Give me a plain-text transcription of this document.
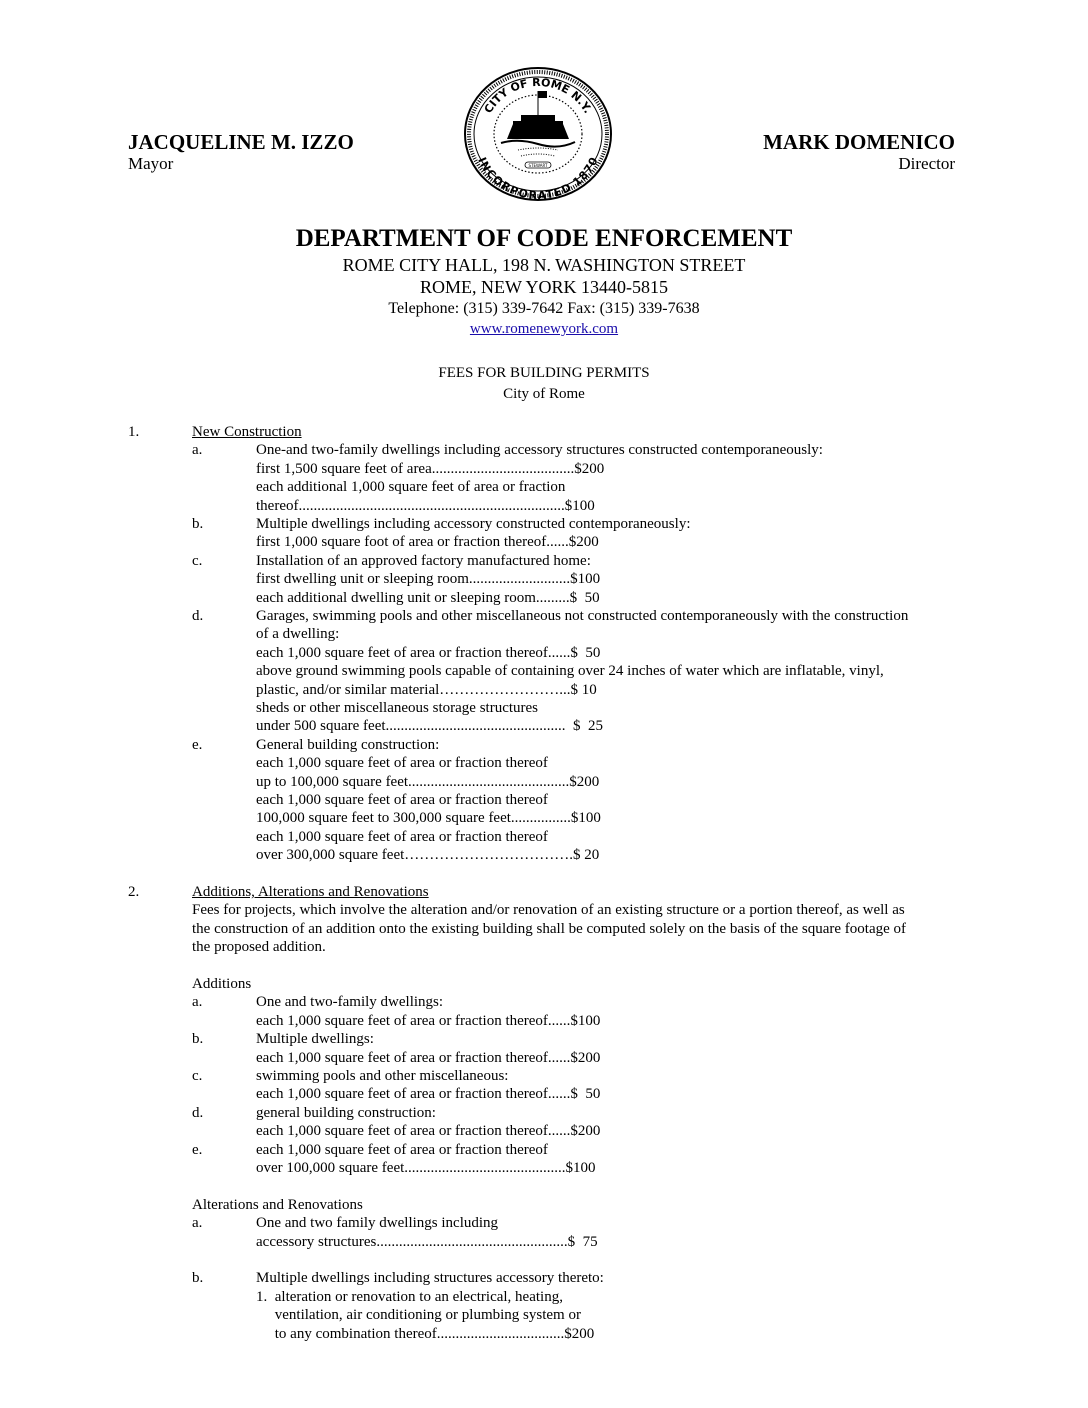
JACQUELINE M. IZZO
Mayor
MARK DOMENICO
Director
CITY OF ROME N.Y.
INCORPORATED 1870
STEWART
DEPARTMENT OF CODE ENFORCEMENT
ROME CITY HALL, 198 N. WASHINGTON STREET
ROME, NEW YORK 13440-5815
Telephone: (315) 339-7642 Fax: (315) 339-7638
www.romenewyork.com
FEES FOR BUILDING PERMITS
City of Rome
1.	New Construction
a.	One-and two-family dwellings including accessory structures constructed contemporaneously:
first 1,500 square feet of area......................................$200
each additional 1,000 square feet of area or fraction
thereof.......................................................................$100
b.	Multiple dwellings including accessory constructed contemporaneously:
first 1,000 square foot of area or fraction thereof......$200
c.	Installation of an approved factory manufactured home:
first dwelling unit or sleeping room...........................$100
each additional dwelling unit or sleeping room.........$  50
d.	Garages, swimming pools and other miscellaneous not constructed contemporaneously with the construction
of a dwelling:
each 1,000 square feet of area or fraction thereof......$  50
above ground swimming pools capable of containing over 24 inches of water which are inflatable, vinyl,
plastic, and/or similar material……………………...$ 10
sheds or other miscellaneous storage structures
under 500 square feet................................................  $  25
e.	General building construction:
each 1,000 square feet of area or fraction thereof
up to 100,000 square feet...........................................$200
each 1,000 square feet of area or fraction thereof
100,000 square feet to 300,000 square feet................$100
each 1,000 square feet of area or fraction thereof
over 300,000 square feet…………………………….$ 20
2.	Additions, Alterations and Renovations
Fees for projects, which involve the alteration and/or renovation of an existing structure or a portion thereof, as well as
the construction of an addition onto the existing building shall be computed solely on the basis of the square footage of
the proposed addition.
Additions
a.	One and two-family dwellings:
each 1,000 square feet of area or fraction thereof......$100
b.	Multiple dwellings:
each 1,000 square feet of area or fraction thereof......$200
c.	swimming pools and other miscellaneous:
each 1,000 square feet of area or fraction thereof......$  50
d.	general building construction:
each 1,000 square feet of area or fraction thereof......$200
e.	each 1,000 square feet of area or fraction thereof
over 100,000 square feet...........................................$100
Alterations and Renovations
a.	One and two family dwellings including
accessory structures...................................................$  75
b.	Multiple dwellings including structures accessory thereto:
1.  alteration or renovation to an electrical, heating,
ventilation, air conditioning or plumbing system or
to any combination thereof..................................$200
